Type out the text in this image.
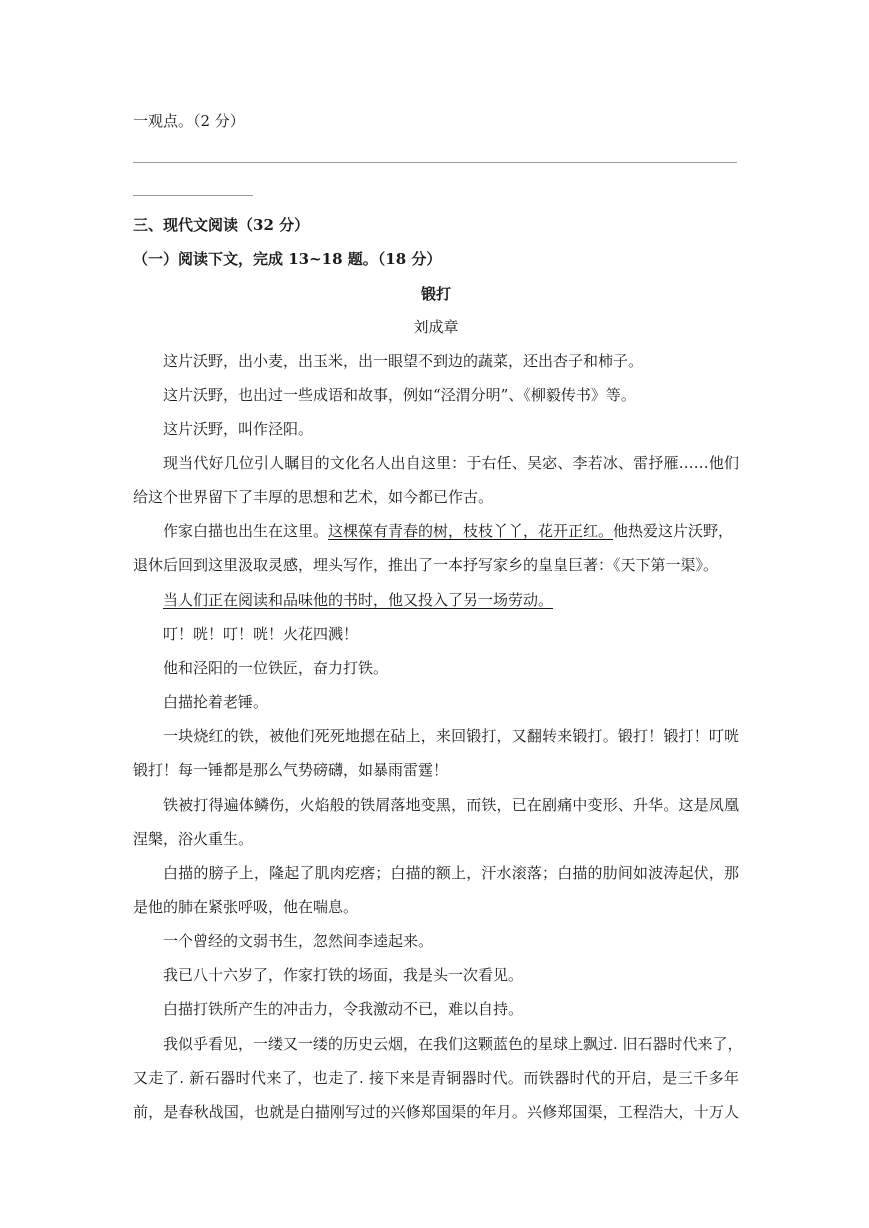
一观点。（2 分）
三、现代文阅读（32 分）
（一）阅读下文，完成 13~18 题。（18 分）
锻打
刘成章
这片沃野，出小麦，出玉米，出一眼望不到边的蔬菜，还出杏子和柿子。
这片沃野，也出过一些成语和故事，例如“泾渭分明”、《柳毅传书》等。
这片沃野，叫作泾阳。
现当代好几位引人瞩目的文化名人出自这里：于右任、吴宓、李若冰、雷抒雁……他们
给这个世界留下了丰厚的思想和艺术，如今都已作古。
作家白描也出生在这里。这棵葆有青春的树，枝枝丫丫，花开正红。他热爱这片沃野，
退休后回到这里汲取灵感，埋头写作，推出了一本抒写家乡的皇皇巨著：《天下第一渠》。
当人们正在阅读和品味他的书时，他又投入了另一场劳动。
叮！咣！叮！咣！火花四溅！
他和泾阳的一位铁匠，奋力打铁。
白描抡着老锤。
一块烧红的铁，被他们死死地摁在砧上，来回锻打，又翻转来锻打。锻打！锻打！叮咣
锻打！每一锤都是那么气势磅礴，如暴雨雷霆！
铁被打得遍体鳞伤，火焰般的铁屑落地变黑，而铁，已在剧痛中变形、升华。这是凤凰
涅槃，浴火重生。
白描的膀子上，隆起了肌肉疙瘩；白描的额上，汗水滚落；白描的肋间如波涛起伏，那
是他的肺在紧张呼吸，他在喘息。
一个曾经的文弱书生，忽然间李逵起来。
我已八十六岁了，作家打铁的场面，我是头一次看见。
白描打铁所产生的冲击力，令我激动不已，难以自持。
我似乎看见，一缕又一缕的历史云烟，在我们这颗蓝色的星球上飘过. 旧石器时代来了，
又走了. 新石器时代来了，也走了. 接下来是青铜器时代。而铁器时代的开启，是三千多年
前，是春秋战国，也就是白描刚写过的兴修郑国渠的年月。兴修郑国渠，工程浩大，十万人
